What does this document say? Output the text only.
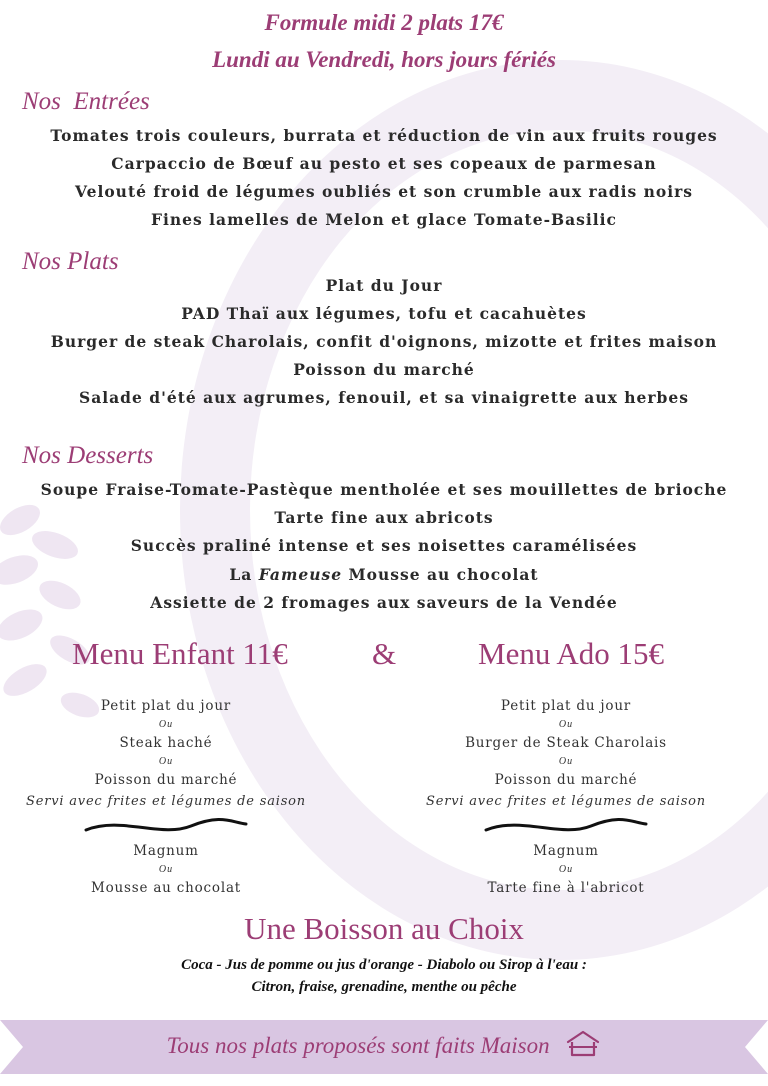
Formule midi 2 plats 17€
Lundi au Vendredi, hors jours fériés
Nos  Entrées
Tomates trois couleurs, burrata et réduction de vin aux fruits rouges
Carpaccio de Bœuf au pesto et ses copeaux de parmesan
Velouté froid de légumes oubliés et son crumble aux radis noirs
Fines lamelles de Melon et glace Tomate-Basilic
Nos Plats
Plat du Jour
PAD Thaï aux légumes, tofu et cacahuètes
Burger de steak Charolais, confit d'oignons, mizotte et frites maison
Poisson du marché
Salade d'été aux agrumes, fenouil, et sa vinaigrette aux herbes
Nos Desserts
Soupe Fraise-Tomate-Pastèque mentholée et ses mouillettes de brioche
Tarte fine aux abricots
Succès praliné intense et ses noisettes caramélisées
La Fameuse Mousse au chocolat
Assiette de 2 fromages aux saveurs de la Vendée
Menu Enfant 11€	&	Menu Ado 15€
Petit plat du jour
Ou
Steak haché
Ou
Poisson du marché
Servi avec frites et légumes de saison
Magnum
Ou
Mousse au chocolat
Petit plat du jour
Ou
Burger de Steak Charolais
Ou
Poisson du marché
Servi avec frites et légumes de saison
Magnum
Ou
Tarte fine à l'abricot
Une Boisson au Choix
Coca - Jus de pomme ou jus d'orange - Diabolo ou Sirop à l'eau :
Citron, fraise, grenadine, menthe ou pêche
Tous nos plats proposés sont faits Maison
